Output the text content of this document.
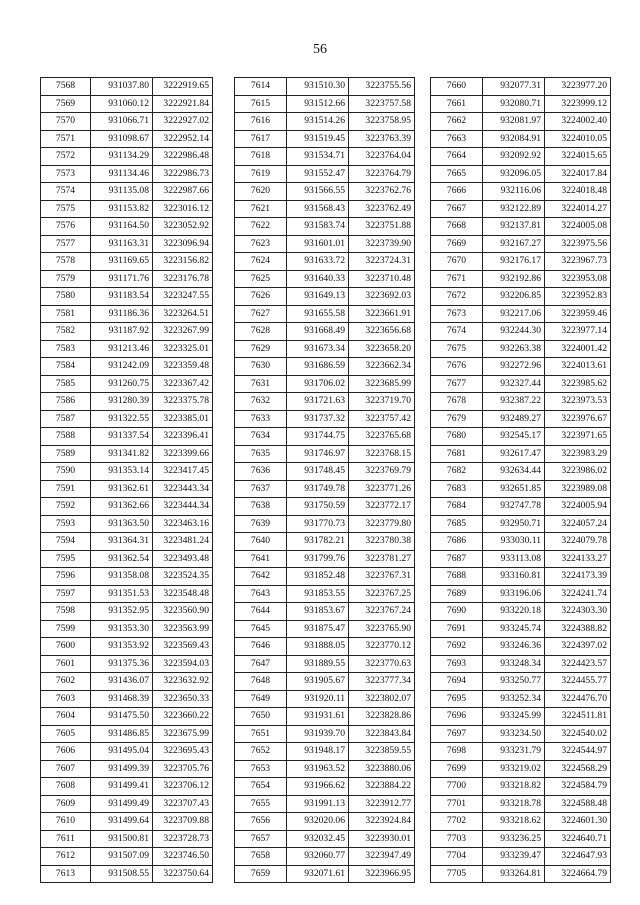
56
7568	931037.80	3222919.65
7569	931060.12	3222921.84
7570	931066.71	3222927.02
7571	931098.67	3222952.14
7572	931134.29	3222986.48
7573	931134.46	3222986.73
7574	931135.08	3222987.66
7575	931153.82	3223016.12
7576	931164.50	3223052.92
7577	931163.31	3223096.94
7578	931169.65	3223156.82
7579	931171.76	3223176.78
7580	931183.54	3223247.55
7581	931186.36	3223264.51
7582	931187.92	3223267.99
7583	931213.46	3223325.01
7584	931242.09	3223359.48
7585	931260.75	3223367.42
7586	931280.39	3223375.78
7587	931322.55	3223385.01
7588	931337.54	3223396.41
7589	931341.82	3223399.66
7590	931353.14	3223417.45
7591	931362.61	3223443.34
7592	931362.66	3223444.34
7593	931363.50	3223463.16
7594	931364.31	3223481.24
7595	931362.54	3223493.48
7596	931358.08	3223524.35
7597	931351.53	3223548.48
7598	931352.95	3223560.90
7599	931353.30	3223563.99
7600	931353.92	3223569.43
7601	931375.36	3223594.03
7602	931436.07	3223632.92
7603	931468.39	3223650.33
7604	931475.50	3223660.22
7605	931486.85	3223675.99
7606	931495.04	3223695.43
7607	931499.39	3223705.76
7608	931499.41	3223706.12
7609	931499.49	3223707.43
7610	931499.64	3223709.88
7611	931500.81	3223728.73
7612	931507.09	3223746.50
7613	931508.55	3223750.64
7614	931510.30	3223755.56
7615	931512.66	3223757.58
7616	931514.26	3223758.95
7617	931519.45	3223763.39
7618	931534.71	3223764.04
7619	931552.47	3223764.79
7620	931566.55	3223762.76
7621	931568.43	3223762.49
7622	931583.74	3223751.88
7623	931601.01	3223739.90
7624	931633.72	3223724.31
7625	931640.33	3223710.48
7626	931649.13	3223692.03
7627	931655.58	3223661.91
7628	931668.49	3223656.68
7629	931673.34	3223658.20
7630	931686.59	3223662.34
7631	931706.02	3223685.99
7632	931721.63	3223719.70
7633	931737.32	3223757.42
7634	931744.75	3223765.68
7635	931746.97	3223768.15
7636	931748.45	3223769.79
7637	931749.78	3223771.26
7638	931750.59	3223772.17
7639	931770.73	3223779.80
7640	931782.21	3223780.38
7641	931799.76	3223781.27
7642	931852.48	3223767.31
7643	931853.55	3223767.25
7644	931853.67	3223767.24
7645	931875.47	3223765.90
7646	931888.05	3223770.12
7647	931889.55	3223770.63
7648	931905.67	3223777.34
7649	931920.11	3223802.07
7650	931931.61	3223828.86
7651	931939.70	3223843.84
7652	931948.17	3223859.55
7653	931963.52	3223880.06
7654	931966.62	3223884.22
7655	931991.13	3223912.77
7656	932020.06	3223924.84
7657	932032.45	3223930.01
7658	932060.77	3223947.49
7659	932071.61	3223966.95
7660	932077.31	3223977.20
7661	932080.71	3223999.12
7662	932081.97	3224002.40
7663	932084.91	3224010.05
7664	932092.92	3224015.65
7665	932096.05	3224017.84
7666	932116.06	3224018.48
7667	932122.89	3224014.27
7668	932137.81	3224005.08
7669	932167.27	3223975.56
7670	932176.17	3223967.73
7671	932192.86	3223953.08
7672	932206.85	3223952.83
7673	932217.06	3223959.46
7674	932244.30	3223977.14
7675	932263.38	3224001.42
7676	932272.96	3224013.61
7677	932327.44	3223985.62
7678	932387.22	3223973.53
7679	932489.27	3223976.67
7680	932545.17	3223971.65
7681	932617.47	3223983.29
7682	932634.44	3223986.02
7683	932651.85	3223989.08
7684	932747.78	3224005.94
7685	932950.71	3224057.24
7686	933030.11	3224079.78
7687	933113.08	3224133.27
7688	933160.81	3224173.39
7689	933196.06	3224241.74
7690	933220.18	3224303.30
7691	933245.74	3224388.82
7692	933246.36	3224397.02
7693	933248.34	3224423.57
7694	933250.77	3224455.77
7695	933252.34	3224476.70
7696	933245.99	3224511.81
7697	933234.50	3224540.02
7698	933231.79	3224544.97
7699	933219.02	3224568.29
7700	933218.82	3224584.79
7701	933218.78	3224588.48
7702	933218.62	3224601.30
7703	933236.25	3224640.71
7704	933239.47	3224647.93
7705	933264.81	3224664.79
